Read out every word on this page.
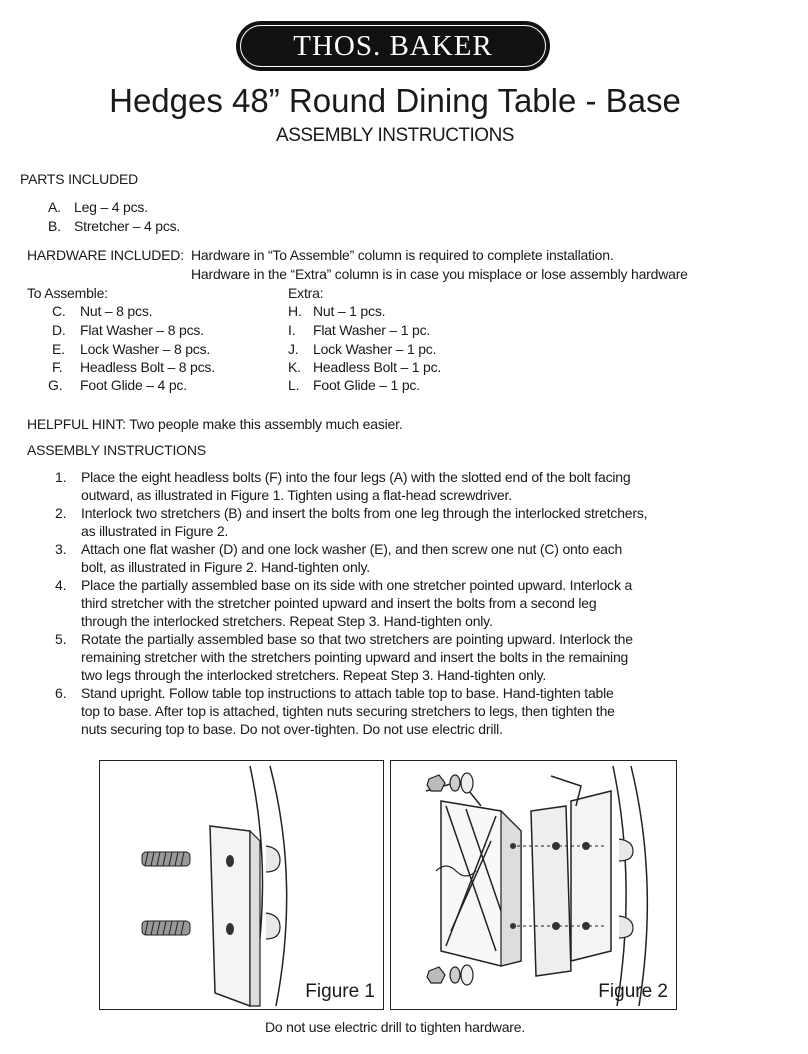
THOS. BAKER
Hedges 48” Round Dining Table - Base
ASSEMBLY INSTRUCTIONS
PARTS INCLUDED
A. Leg – 4 pcs.
B. Stretcher – 4 pcs.
HARDWARE INCLUDED: Hardware in “To Assemble” column is required to complete installation.
Hardware in the “Extra” column is in case you misplace or lose assembly hardware
To Assemble:
C. Nut – 8 pcs.
D. Flat Washer – 8 pcs.
E. Lock Washer – 8 pcs.
F. Headless Bolt – 8 pcs.
G. Foot Glide – 4 pc.
Extra:
H. Nut – 1 pcs.
I. Flat Washer – 1 pc.
J. Lock Washer – 1 pc.
K. Headless Bolt – 1 pc.
L. Foot Glide – 1 pc.
HELPFUL HINT: Two people make this assembly much easier.
ASSEMBLY INSTRUCTIONS
1. Place the eight headless bolts (F) into the four legs (A) with the slotted end of the bolt facing
outward, as illustrated in Figure 1. Tighten using a flat-head screwdriver.
2. Interlock two stretchers (B) and insert the bolts from one leg through the interlocked stretchers,
as illustrated in Figure 2.
3. Attach one flat washer (D) and one lock washer (E), and then screw one nut (C) onto each
bolt, as illustrated in Figure 2. Hand-tighten only.
4. Place the partially assembled base on its side with one stretcher pointed upward. Interlock a
third stretcher with the stretcher pointed upward and insert the bolts from a second leg
through the interlocked stretchers. Repeat Step 3. Hand-tighten only.
5. Rotate the partially assembled base so that two stretchers are pointing upward. Interlock the
remaining stretcher with the stretchers pointing upward and insert the bolts in the remaining
two legs through the interlocked stretchers. Repeat Step 3. Hand-tighten only.
6. Stand upright. Follow table top instructions to attach table top to base. Hand-tighten table
top to base. After top is attached, tighten nuts securing stretchers to legs, then tighten the
nuts securing top to base. Do not over-tighten. Do not use electric drill.
Figure 1	Figure 2
Do not use electric drill to tighten hardware.
